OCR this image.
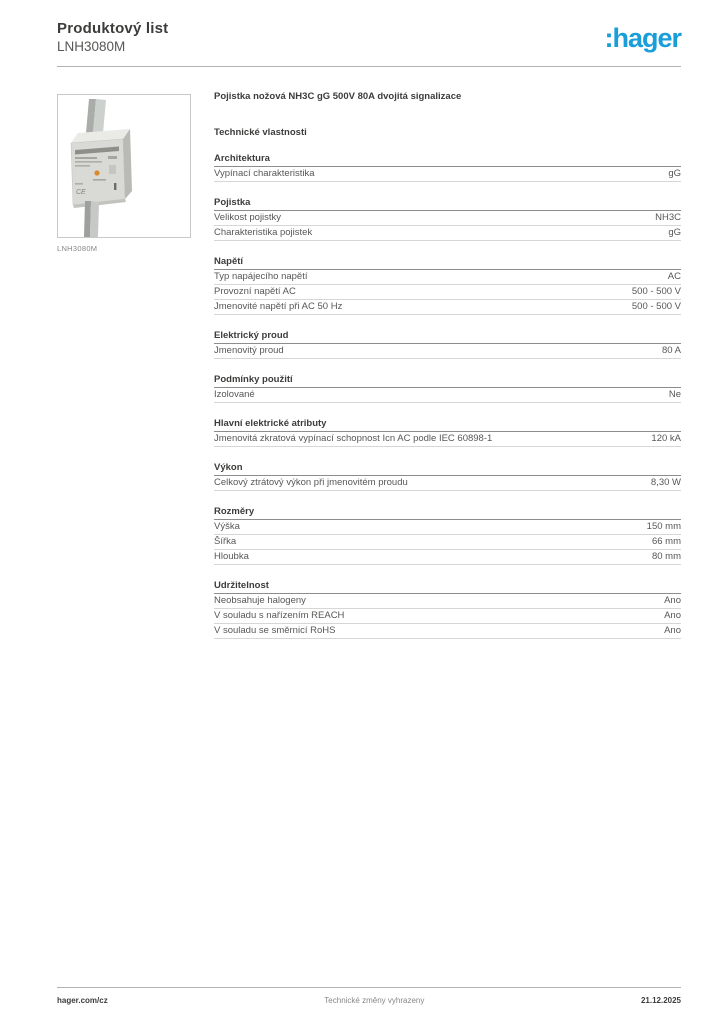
Produktový list
LNH3080M	:hager
CE
LNH3080M
Pojistka nožová NH3C gG 500V 80A dvojitá signalizace
Technické vlastnosti
Architektura
Vypínací charakteristika	gG
Pojistka
Velikost pojistky	NH3C
Charakteristika pojistek	gG
Napětí
Typ napájecího napětí	AC
Provozní napětí AC	500 - 500 V
Jmenovité napětí při AC 50 Hz	500 - 500 V
Elektrický proud
Jmenovitý proud	80 A
Podmínky použití
Izolované	Ne
Hlavní elektrické atributy
Jmenovitá zkratová vypínací schopnost Icn AC podle IEC 60898-1	120 kA
Výkon
Celkový ztrátový výkon při jmenovitém proudu	8,30 W
Rozměry
Výška	150 mm
Šířka	66 mm
Hloubka	80 mm
Udržitelnost
Neobsahuje halogeny	Ano
V souladu s nařízením REACH	Ano
V souladu se směrnicí RoHS	Ano
hager.com/cz	Technické změny vyhrazeny	21.12.2025
